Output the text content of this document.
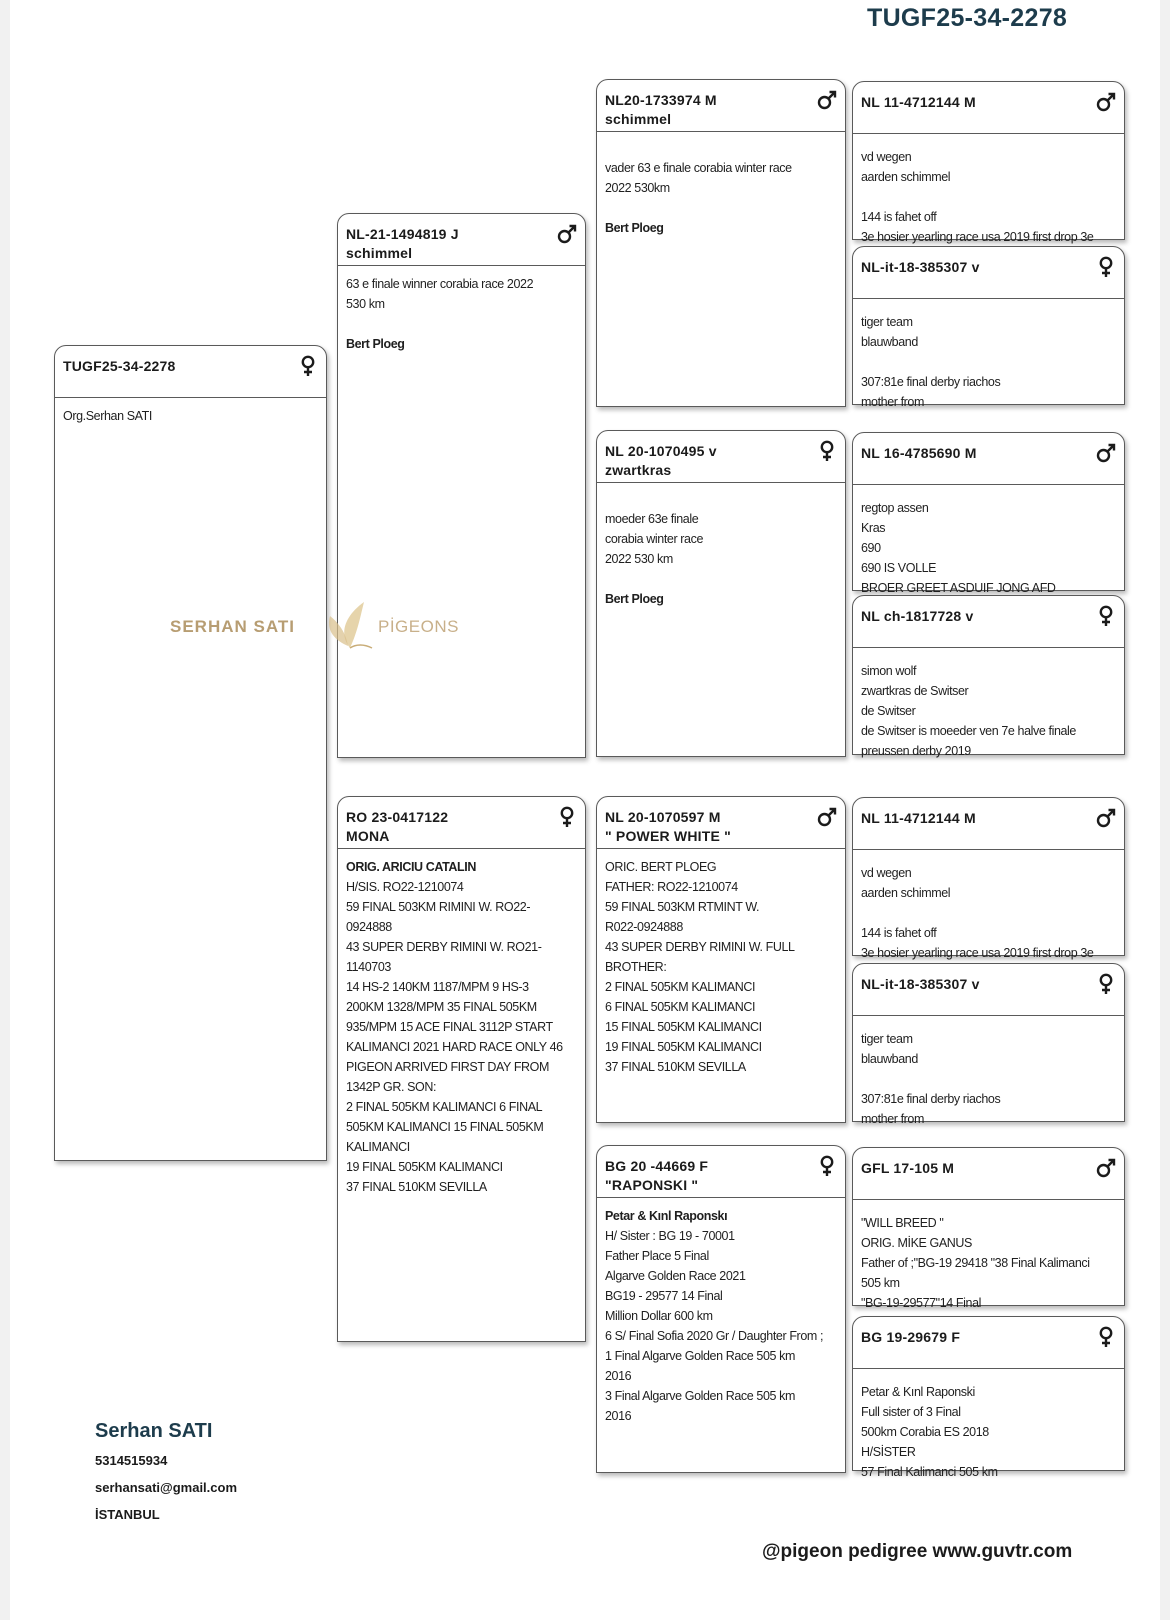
TUGF25-34-2278
TUGF25-34-2278
Org.Serhan SATI
NL-21-1494819 J
schimmel
63 e finale winner corabia race 2022
530 km
Bert Ploeg
RO 23-0417122
MONA
ORIG. ARICIU CATALIN
H/SIS. RO22-1210074
59 FINAL 503KM RIMINI W. RO22-
0924888
43 SUPER DERBY RIMINI W. RO21-
1140703
14 HS-2 140KM 1187/MPM 9 HS-3
200KM 1328/MPM 35 FINAL 505KM
935/MPM 15 ACE FINAL 3112P START
KALIMANCI 2021 HARD RACE ONLY 46
PIGEON ARRIVED FIRST DAY FROM
1342P GR. SON:
2 FINAL 505KM KALIMANCI 6 FINAL
505KM KALIMANCI 15 FINAL 505KM
KALIMANCI
19 FINAL 505KM KALIMANCI
37 FINAL 510KM SEVILLA
NL20-1733974 M
schimmel
vader 63 e finale corabia winter race
2022 530km
Bert Ploeg
NL 20-1070495 v
zwartkras
moeder 63e finale
corabia winter race
2022 530 km
Bert Ploeg
NL 20-1070597 M
" POWER WHITE "
ORIC. BERT PLOEG
FATHER: RO22-1210074
59 FINAL 503KM RTMINT W.
R022-0924888
43 SUPER DERBY RIMINI W. FULL
BROTHER:
2 FINAL 505KM KALIMANCI
6 FINAL 505KM KALIMANCI
15 FINAL 505KM KALIMANCI
19 FINAL 505KM KALIMANCI
37 FINAL 510KM SEVILLA
BG 20 -44669 F
"RAPONSKI "
Petar & Kınl Raponskı
H/ Sister : BG 19 - 70001
Father Place 5 Final
Algarve Golden Race 2021
BG19 - 29577 14 Final
Million Dollar 600 km
6 S/ Final Sofia 2020 Gr / Daughter From ;
1 Final Algarve Golden Race 505 km
2016
3 Final Algarve Golden Race 505 km
2016
NL 11-4712144 M
vd wegen
aarden schimmel
144 is fahet off
3e hosier yearling race usa 2019 first drop 3e
NL-it-18-385307 v
tiger team
blauwband
307:81e final derby riachos
mother from
NL 16-4785690 M
regtop assen
Kras
690
690 IS VOLLE
BROER GREET ASDUIF JONG AFD
NL ch-1817728 v
simon wolf
zwartkras de Switser
de Switser
de Switser is moeeder ven 7e halve finale
preussen derby 2019
NL 11-4712144 M
vd wegen
aarden schimmel
144 is fahet off
3e hosier yearling race usa 2019 first drop 3e
NL-it-18-385307 v
tiger team
blauwband
307:81e final derby riachos
mother from
GFL 17-105 M
"WILL BREED "
ORIG. MİKE GANUS
Father of ;"BG-19 29418 "38 Final Kalimanci
505 km
"BG-19-29577"14 Final
BG 19-29679 F
Petar & Kınl Raponski
Full sister of 3 Final
500km Corabia ES 2018
H/SİSTER
57 Final Kalimanci 505 km
SERHAN SATI	PİGEONS
Serhan SATI
5314515934
serhansati@gmail.com
İSTANBUL
@pigeon pedigree www.guvtr.com
